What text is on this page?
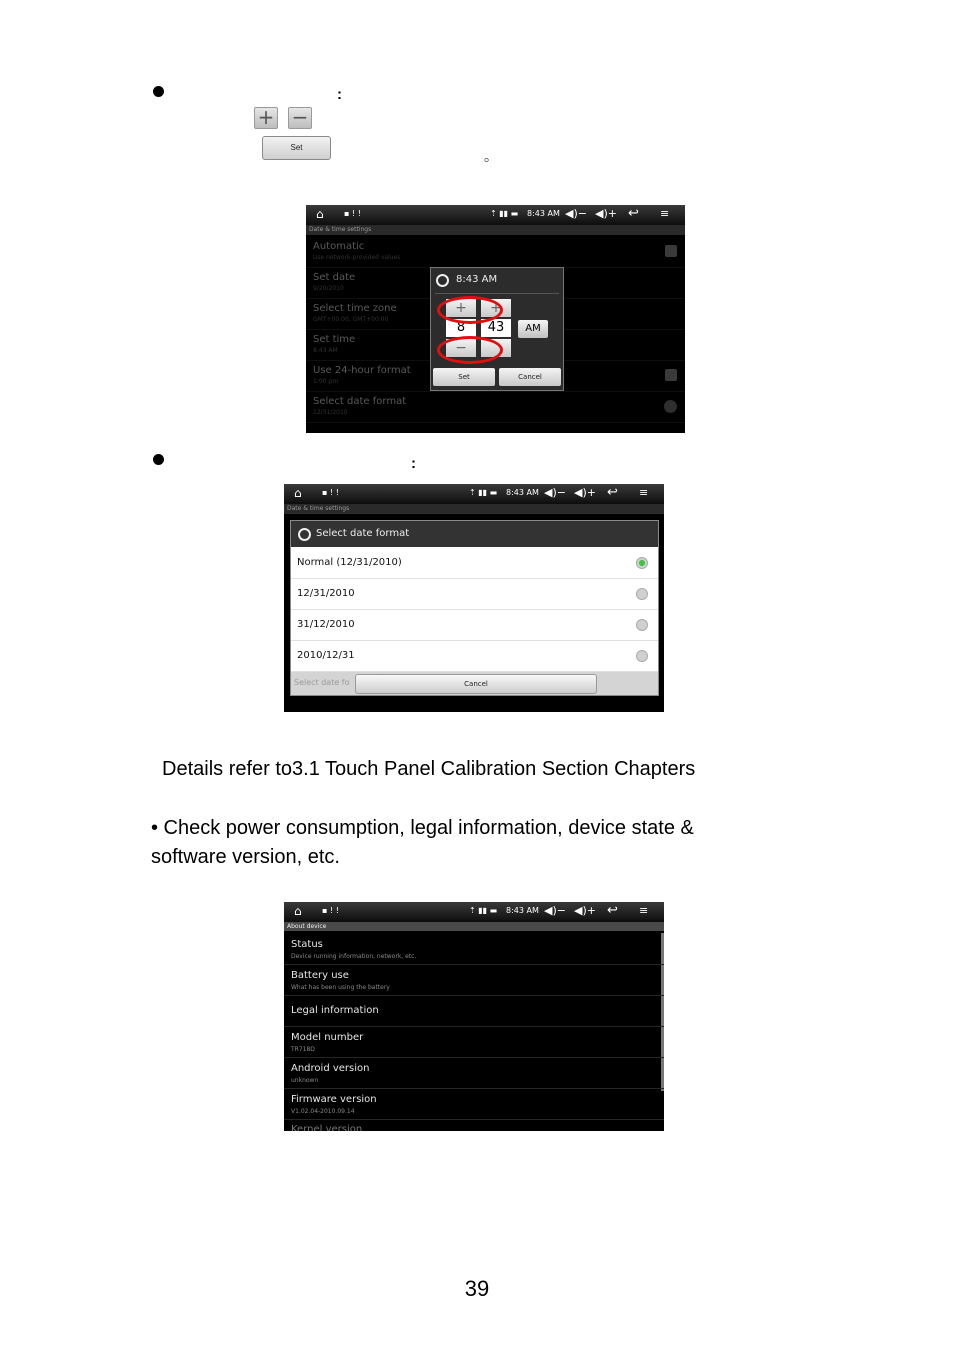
:
+ −
Set
。
⌂	▪ ! !	⇡ ▮▮ ▬ 8:43 AM ◀)− ◀)+ ↩ ≡
Date & time settings
Automatic
Use network-provided values
Set date
9/20/2010
Select time zone
GMT+00:00, GMT+00:00
Set time
8:43 AM
Use 24-hour format
1:00 pm
Select date format
12/31/2010
8:43 AM
+	+
8	43
−
AM
Set	Cancel
:
⌂	▪ ! !	⇡ ▮▮ ▬ 8:43 AM ◀)− ◀)+ ↩ ≡
Date & time settings
Select date format
Normal (12/31/2010)
12/31/2010
31/12/2010
2010/12/31
Select date fo	Cancel
Details refer to3.1 Touch Panel Calibration Section Chapters
• Check power consumption, legal information, device state &
software version, etc.
⌂	▪ ! !	⇡ ▮▮ ▬ 8:43 AM ◀)− ◀)+ ↩ ≡
About device
Status
Device running information, network, etc.
Battery use
What has been using the battery
Legal information
Model number
TR718D
Android version
unknown
Firmware version
V1.02.04-2010.09.14
Kernel version
39
